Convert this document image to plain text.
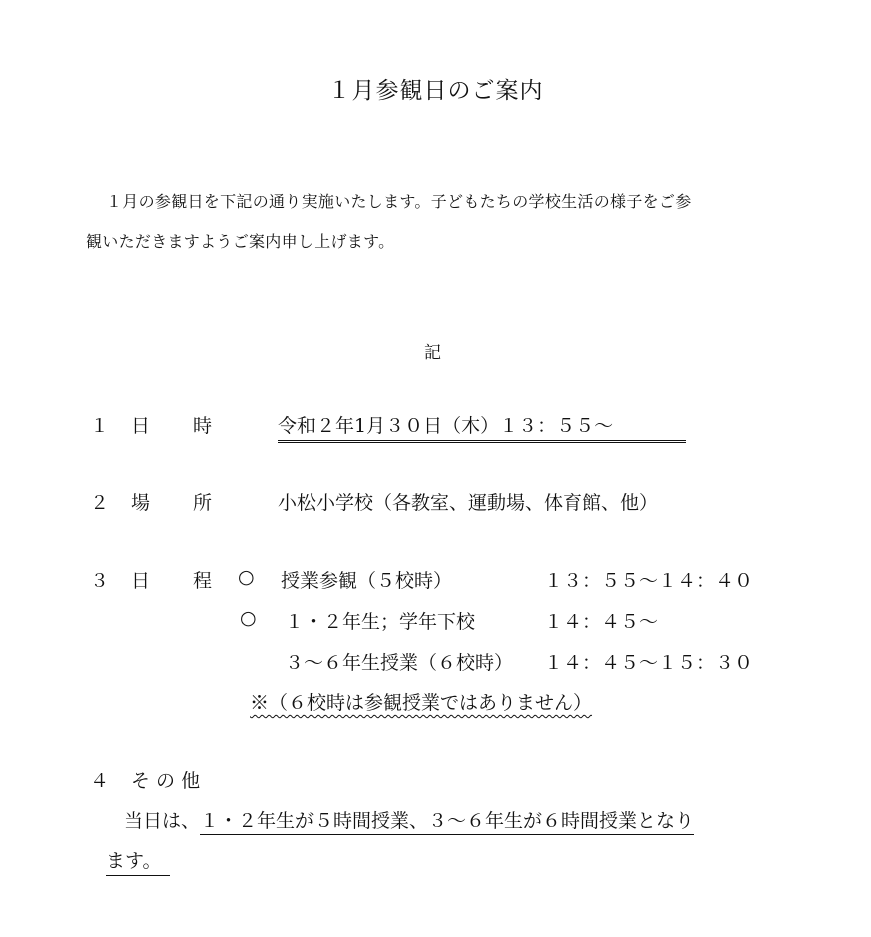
１月参観日のご案内
１月の参観日を下記の通り実施いたします。子どもたちの学校生活の様子をご参
観いただきますようご案内申し上げます。
記
１ 日 時	令和２年1月３０日（木）１３：５５～
２ 場 所	小松小学校（各教室、運動場、体育館、他）
３ 日 程 ○ 授業参観（５校時）	１３：５５～１４：４０
○ １・２年生；学年下校	１４：４５～
３～６年生授業（６校時） １４：４５～１５：３０
※（６校時は参観授業ではありません）
４ そ の 他
当日は、１・２年生が５時間授業、３～６年生が６時間授業となり
ます。
